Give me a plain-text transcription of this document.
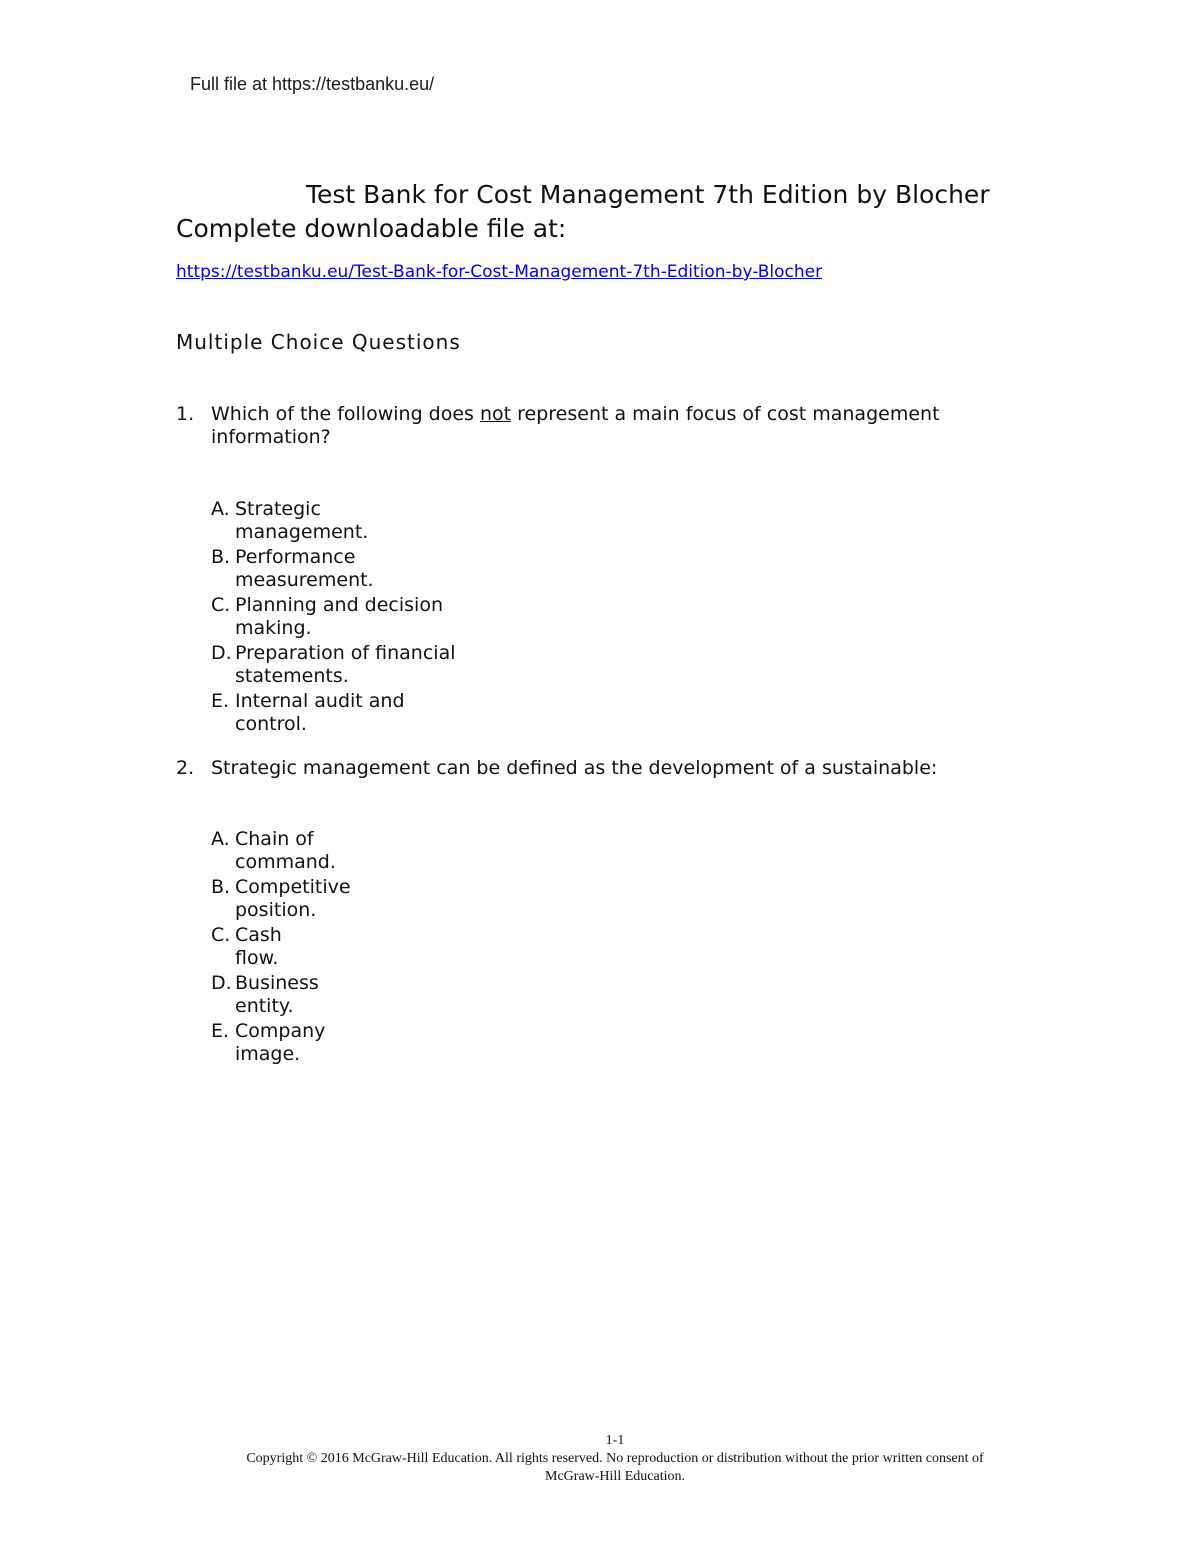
Full file at https://testbanku.eu/
Test Bank for Cost Management 7th Edition by Blocher
Complete downloadable file at:
https://testbanku.eu/Test-Bank-for-Cost-Management-7th-Edition-by-Blocher
Multiple Choice Questions
1. Which of the following does not represent a main focus of cost management information?
A. Strategic
management.
B. Performance
measurement.
C. Planning and decision
making.
D. Preparation of financial
statements.
E. Internal audit and
control.
2. Strategic management can be defined as the development of a sustainable:
A. Chain of
command.
B. Competitive
position.
C. Cash
flow.
D. Business
entity.
E. Company
image.
1-1
Copyright © 2016 McGraw-Hill Education. All rights reserved. No reproduction or distribution without the prior written consent of
McGraw-Hill Education.
